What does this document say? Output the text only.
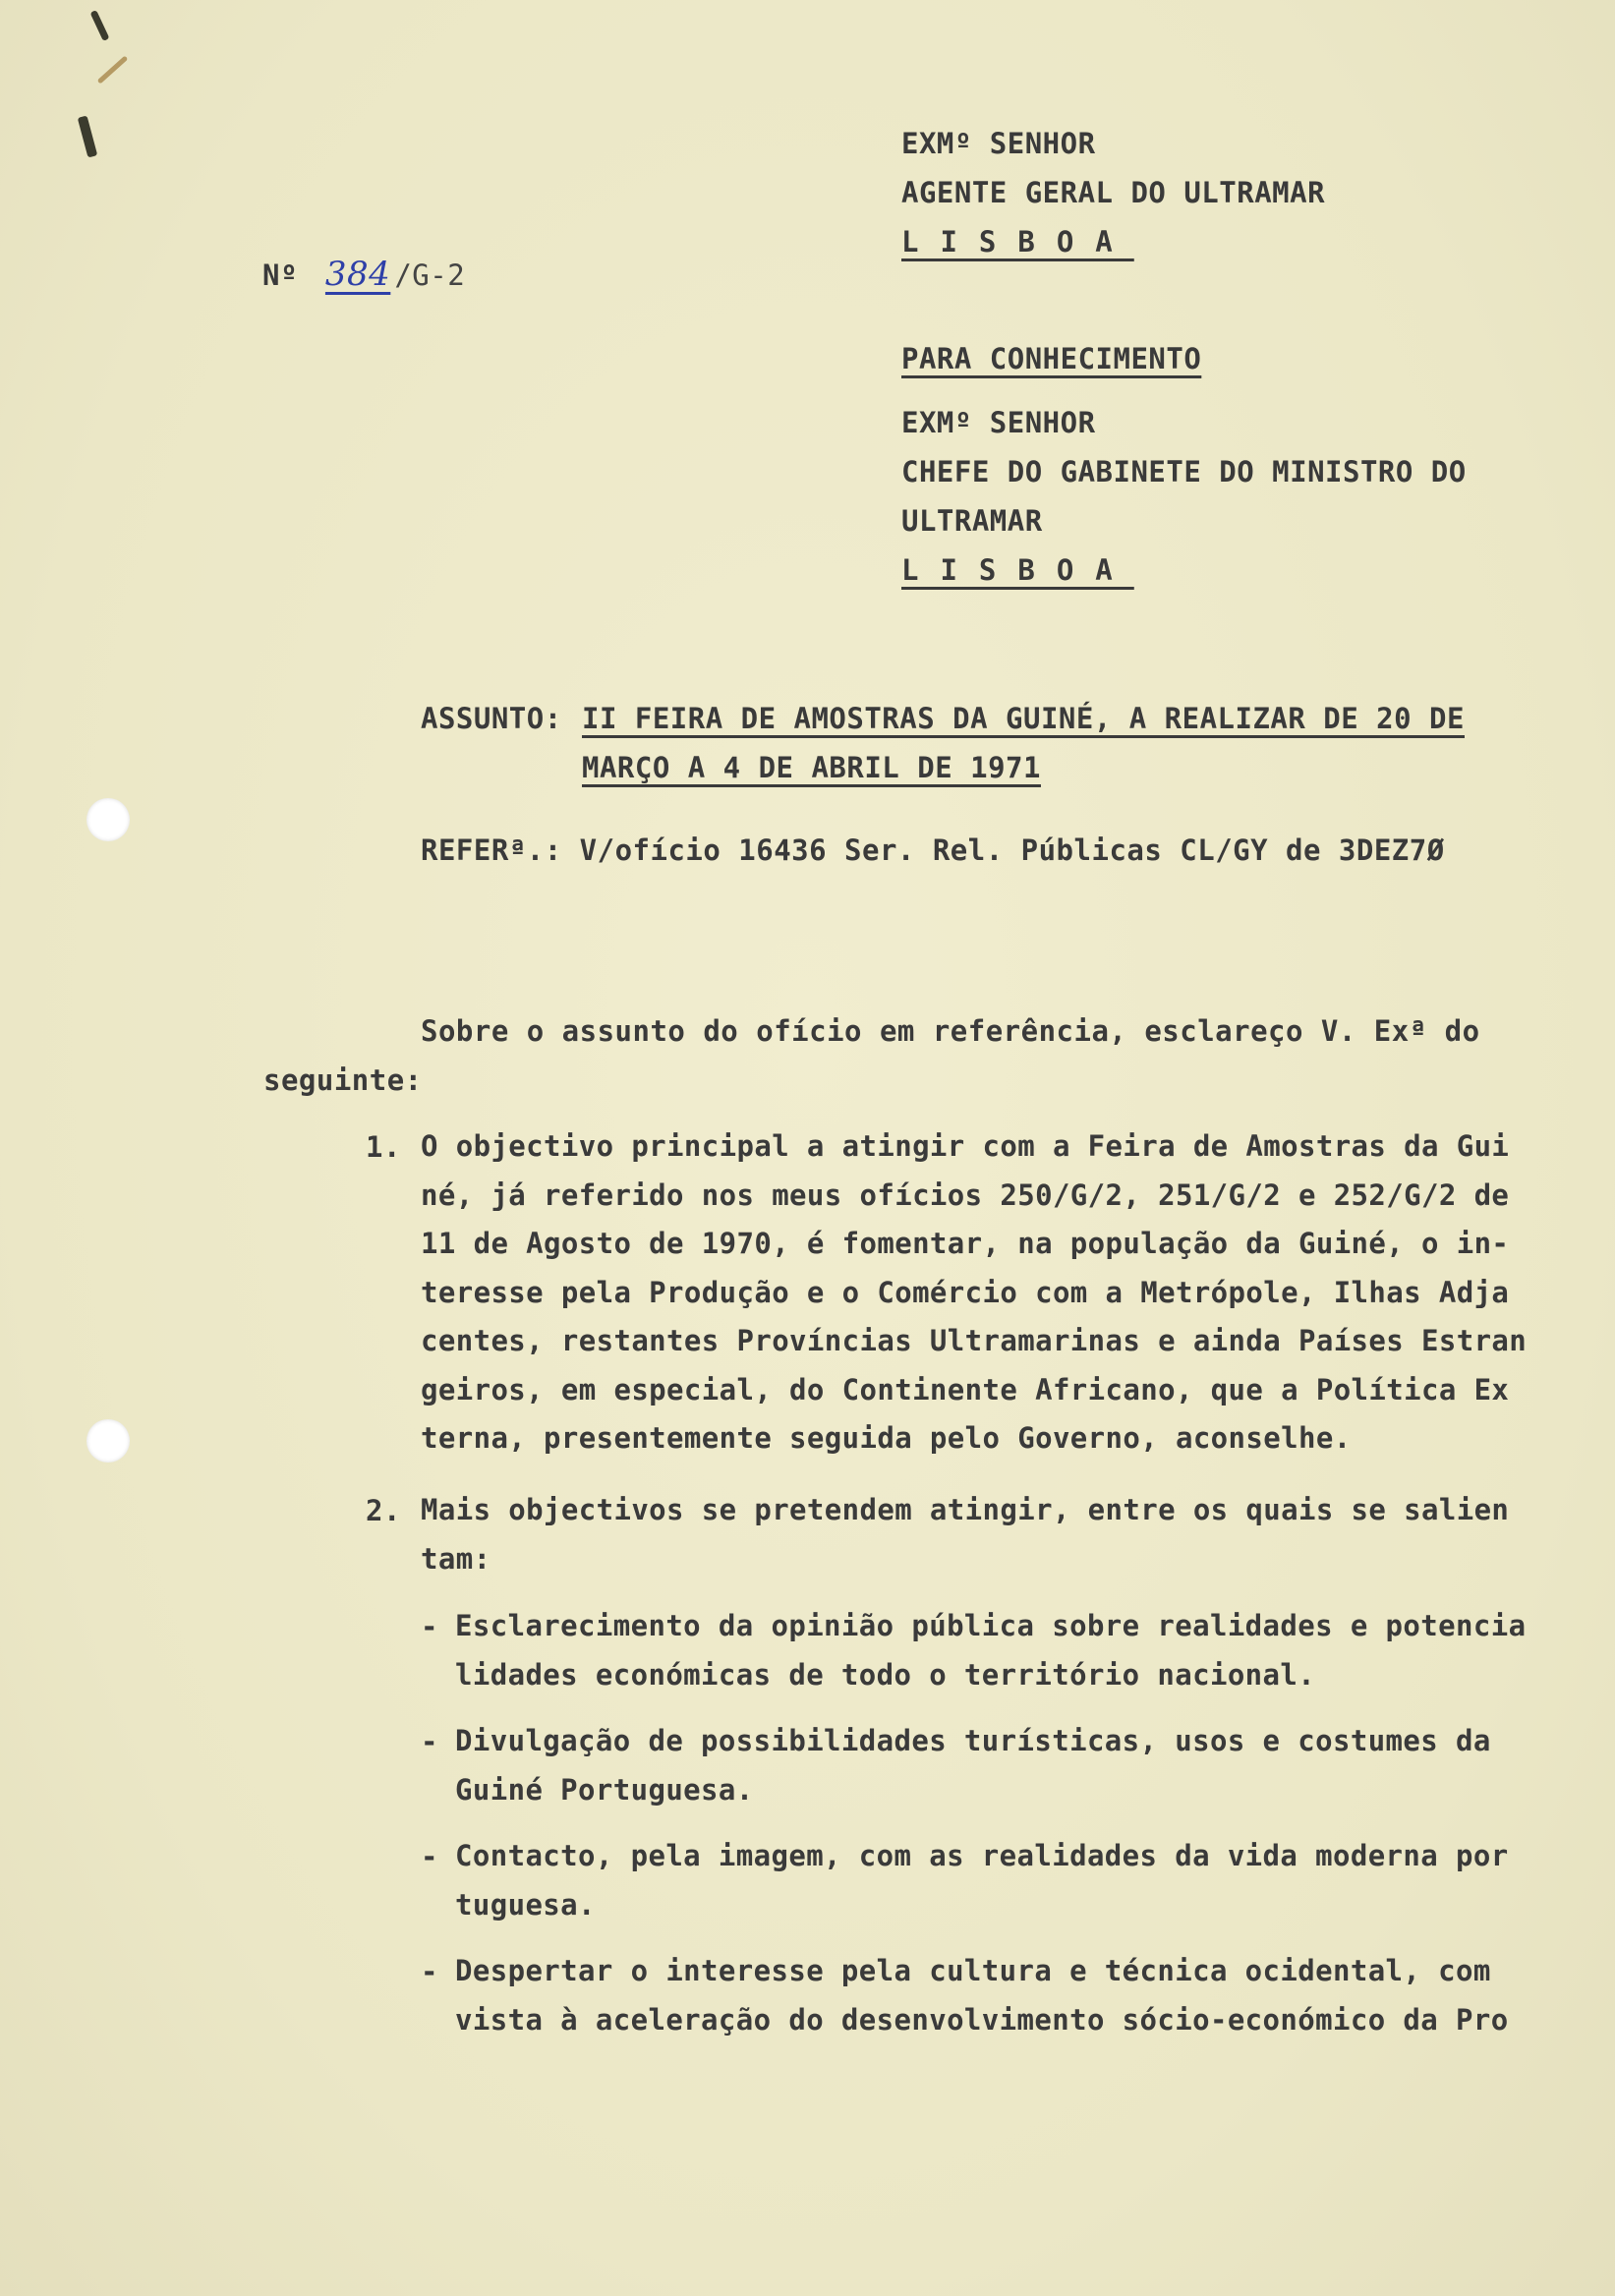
EXMº SENHOR
AGENTE GERAL DO ULTRAMAR
LISBOA
Nº 384 /G-2
PARA CONHECIMENTO
EXMº SENHOR
CHEFE DO GABINETE DO MINISTRO DO
ULTRAMAR
LISBOA
ASSUNTO: II FEIRA DE AMOSTRAS DA GUINÉ, A REALIZAR DE 20 DE
MARÇO A 4 DE ABRIL DE 1971
REFERª.: V/ofício 16436 Ser. Rel. Públicas CL/GY de 3DEZ7Ø
Sobre o assunto do ofício em referência, esclareço V. Exª do
seguinte:
1. O objectivo principal a atingir com a Feira de Amostras da Gui
né, já referido nos meus ofícios 250/G/2, 251/G/2 e 252/G/2 de
11 de Agosto de 1970, é fomentar, na população da Guiné, o in-
teresse pela Produção e o Comércio com a Metrópole, Ilhas Adja
centes, restantes Províncias Ultramarinas e ainda Países Estran
geiros, em especial, do Continente Africano, que a Política Ex
terna, presentemente seguida pelo Governo, aconselhe.
2. Mais objectivos se pretendem atingir, entre os quais se salien
tam:
- Esclarecimento da opinião pública sobre realidades e potencia
lidades económicas de todo o território nacional.
- Divulgação de possibilidades turísticas, usos e costumes da
Guiné Portuguesa.
- Contacto, pela imagem, com as realidades da vida moderna por
tuguesa.
- Despertar o interesse pela cultura e técnica ocidental, com
vista à aceleração do desenvolvimento sócio-económico da Pro
